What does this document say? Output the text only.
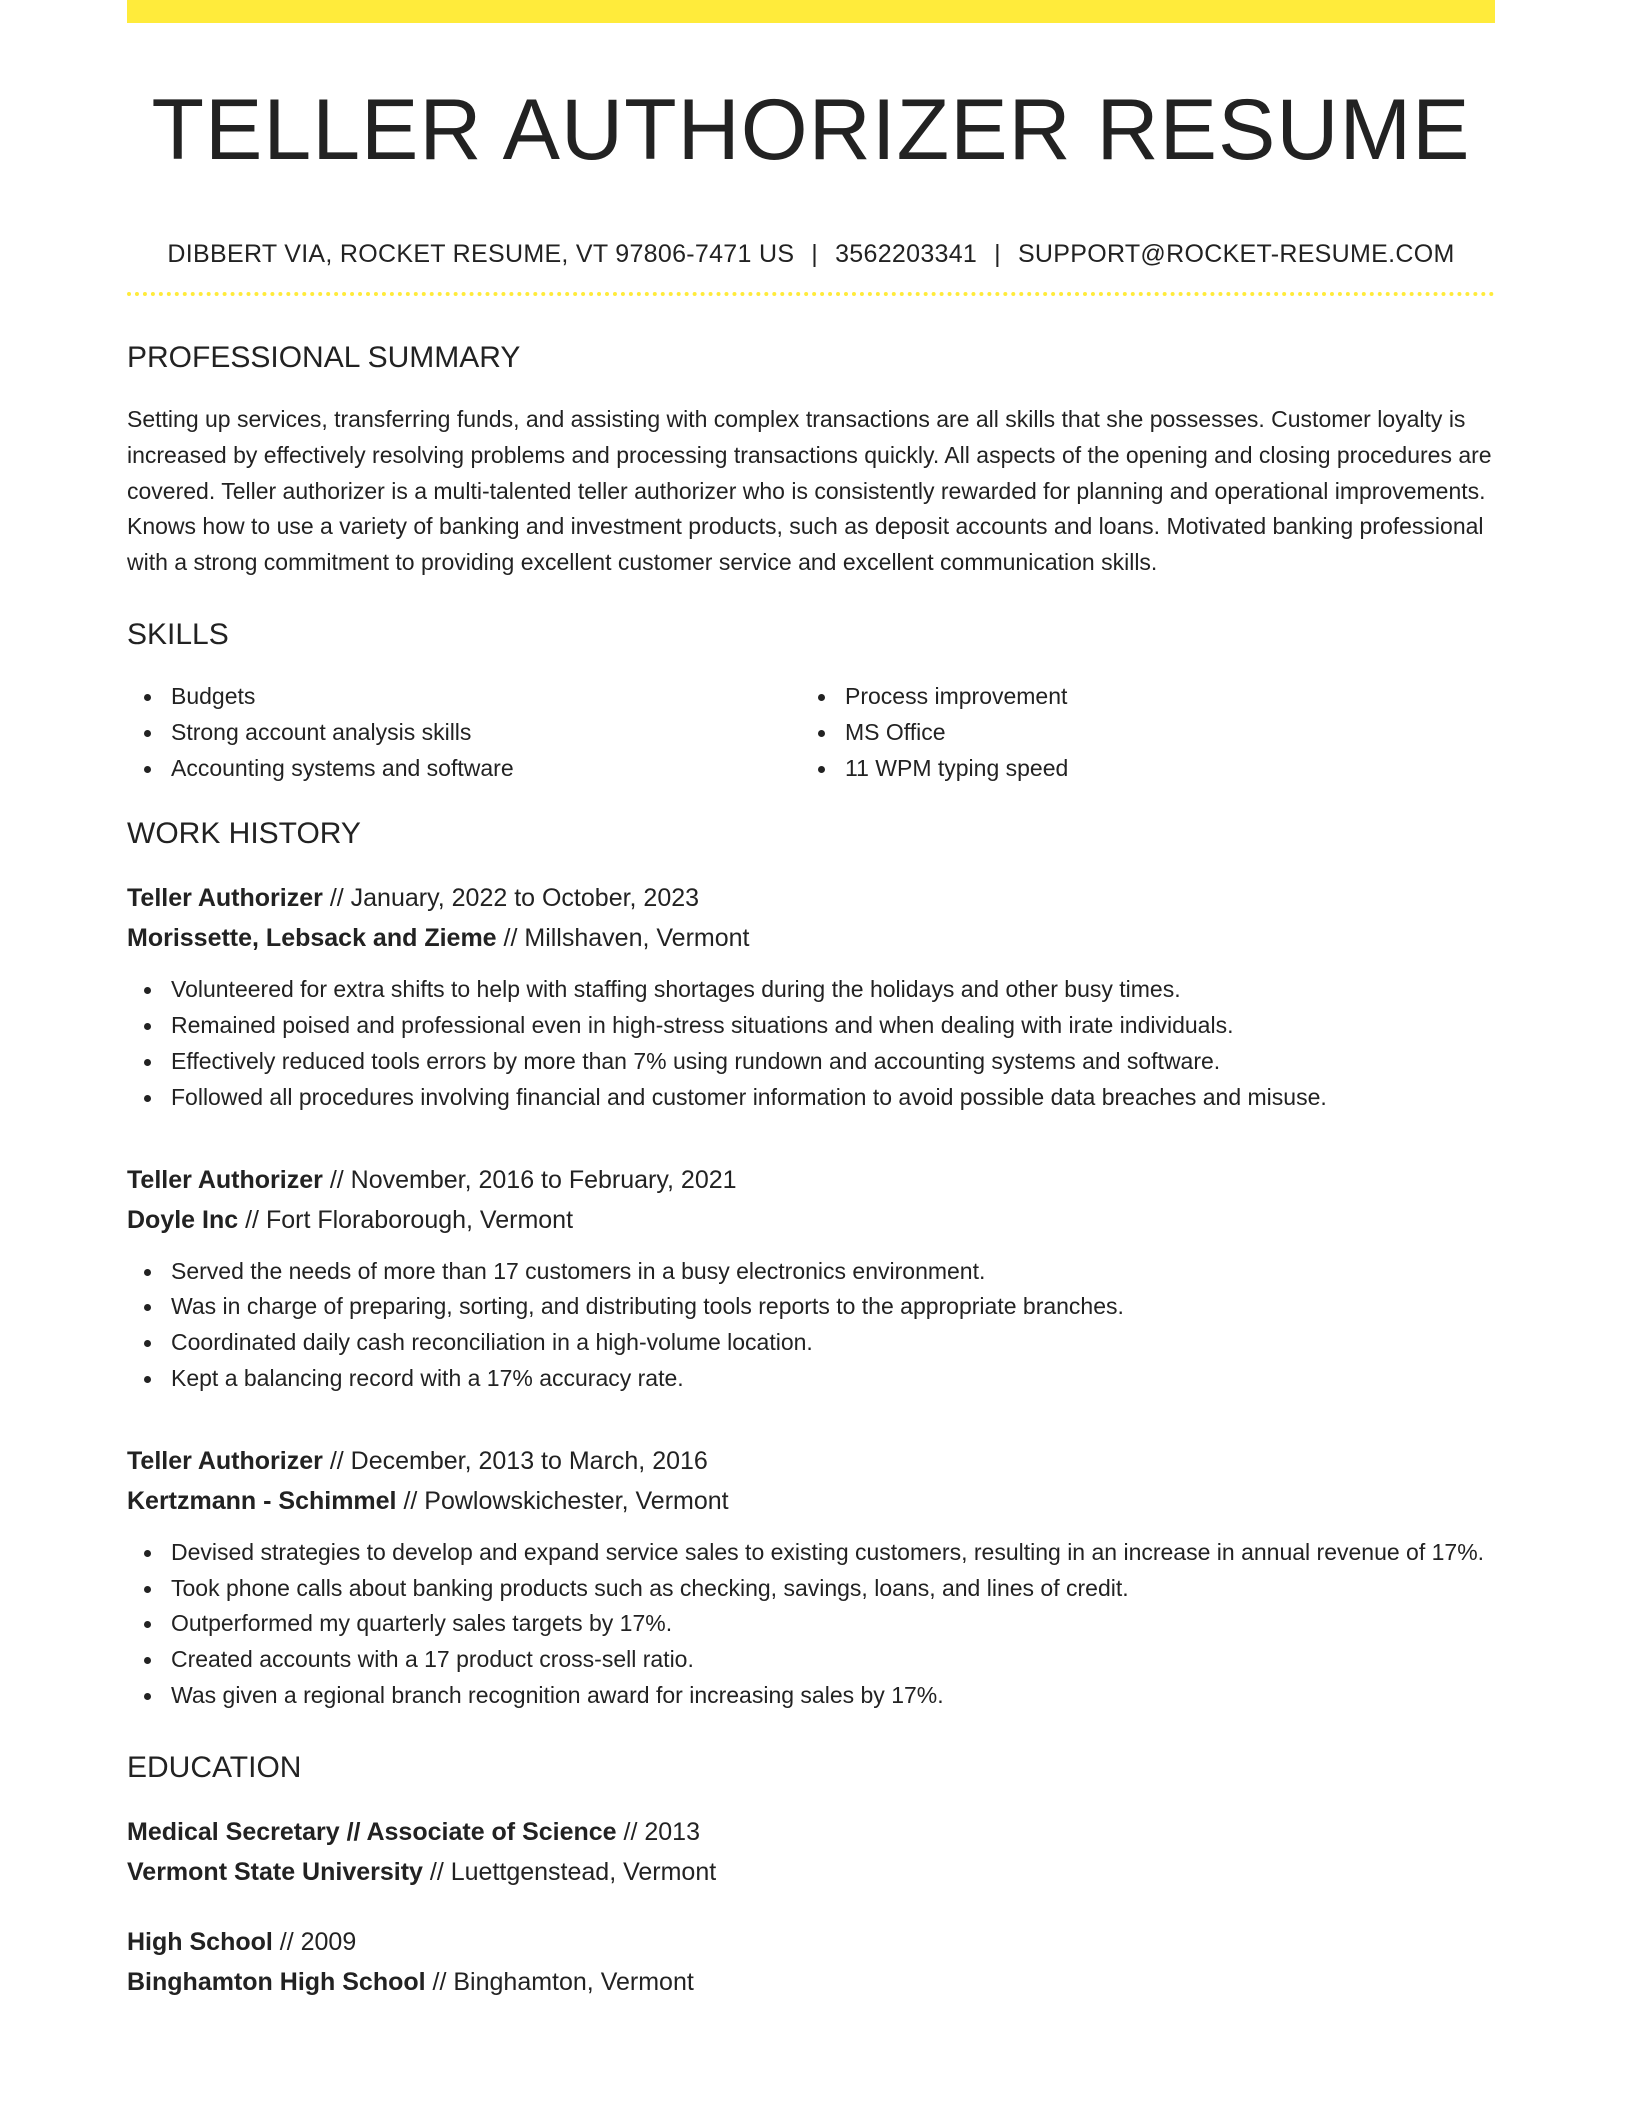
TELLER AUTHORIZER RESUME
DIBBERT VIA, ROCKET RESUME, VT 97806-7471 US | 3562203341 | SUPPORT@ROCKET-RESUME.COM
PROFESSIONAL SUMMARY

Setting up services, transferring funds, and assisting with complex transactions are all skills that she possesses. Customer loyalty is increased by effectively resolving problems and processing transactions quickly. All aspects of the opening and closing procedures are covered. Teller authorizer is a multi-talented teller authorizer who is consistently rewarded for planning and operational improvements. Knows how to use a variety of banking and investment products, such as deposit accounts and loans. Motivated banking professional with a strong commitment to providing excellent customer service and excellent communication skills.

SKILLS
Budgets
Strong account analysis skills
Accounting systems and software
Process improvement
MS Office
11 WPM typing speed
WORK HISTORY
Teller Authorizer // January, 2022 to October, 2023
Morissette, Lebsack and Zieme // Millshaven, Vermont
Volunteered for extra shifts to help with staffing shortages during the holidays and other busy times.
Remained poised and professional even in high-stress situations and when dealing with irate individuals.
Effectively reduced tools errors by more than 7% using rundown and accounting systems and software.
Followed all procedures involving financial and customer information to avoid possible data breaches and misuse.
Teller Authorizer // November, 2016 to February, 2021
Doyle Inc // Fort Floraborough, Vermont
Served the needs of more than 17 customers in a busy electronics environment.
Was in charge of preparing, sorting, and distributing tools reports to the appropriate branches.
Coordinated daily cash reconciliation in a high-volume location.
Kept a balancing record with a 17% accuracy rate.
Teller Authorizer // December, 2013 to March, 2016
Kertzmann - Schimmel // Powlowskichester, Vermont
Devised strategies to develop and expand service sales to existing customers, resulting in an increase in annual revenue of 17%.
Took phone calls about banking products such as checking, savings, loans, and lines of credit.
Outperformed my quarterly sales targets by 17%.
Created accounts with a 17 product cross-sell ratio.
Was given a regional branch recognition award for increasing sales by 17%.
EDUCATION
Medical Secretary // Associate of Science // 2013
Vermont State University // Luettgenstead, Vermont
High School // 2009
Binghamton High School // Binghamton, Vermont
